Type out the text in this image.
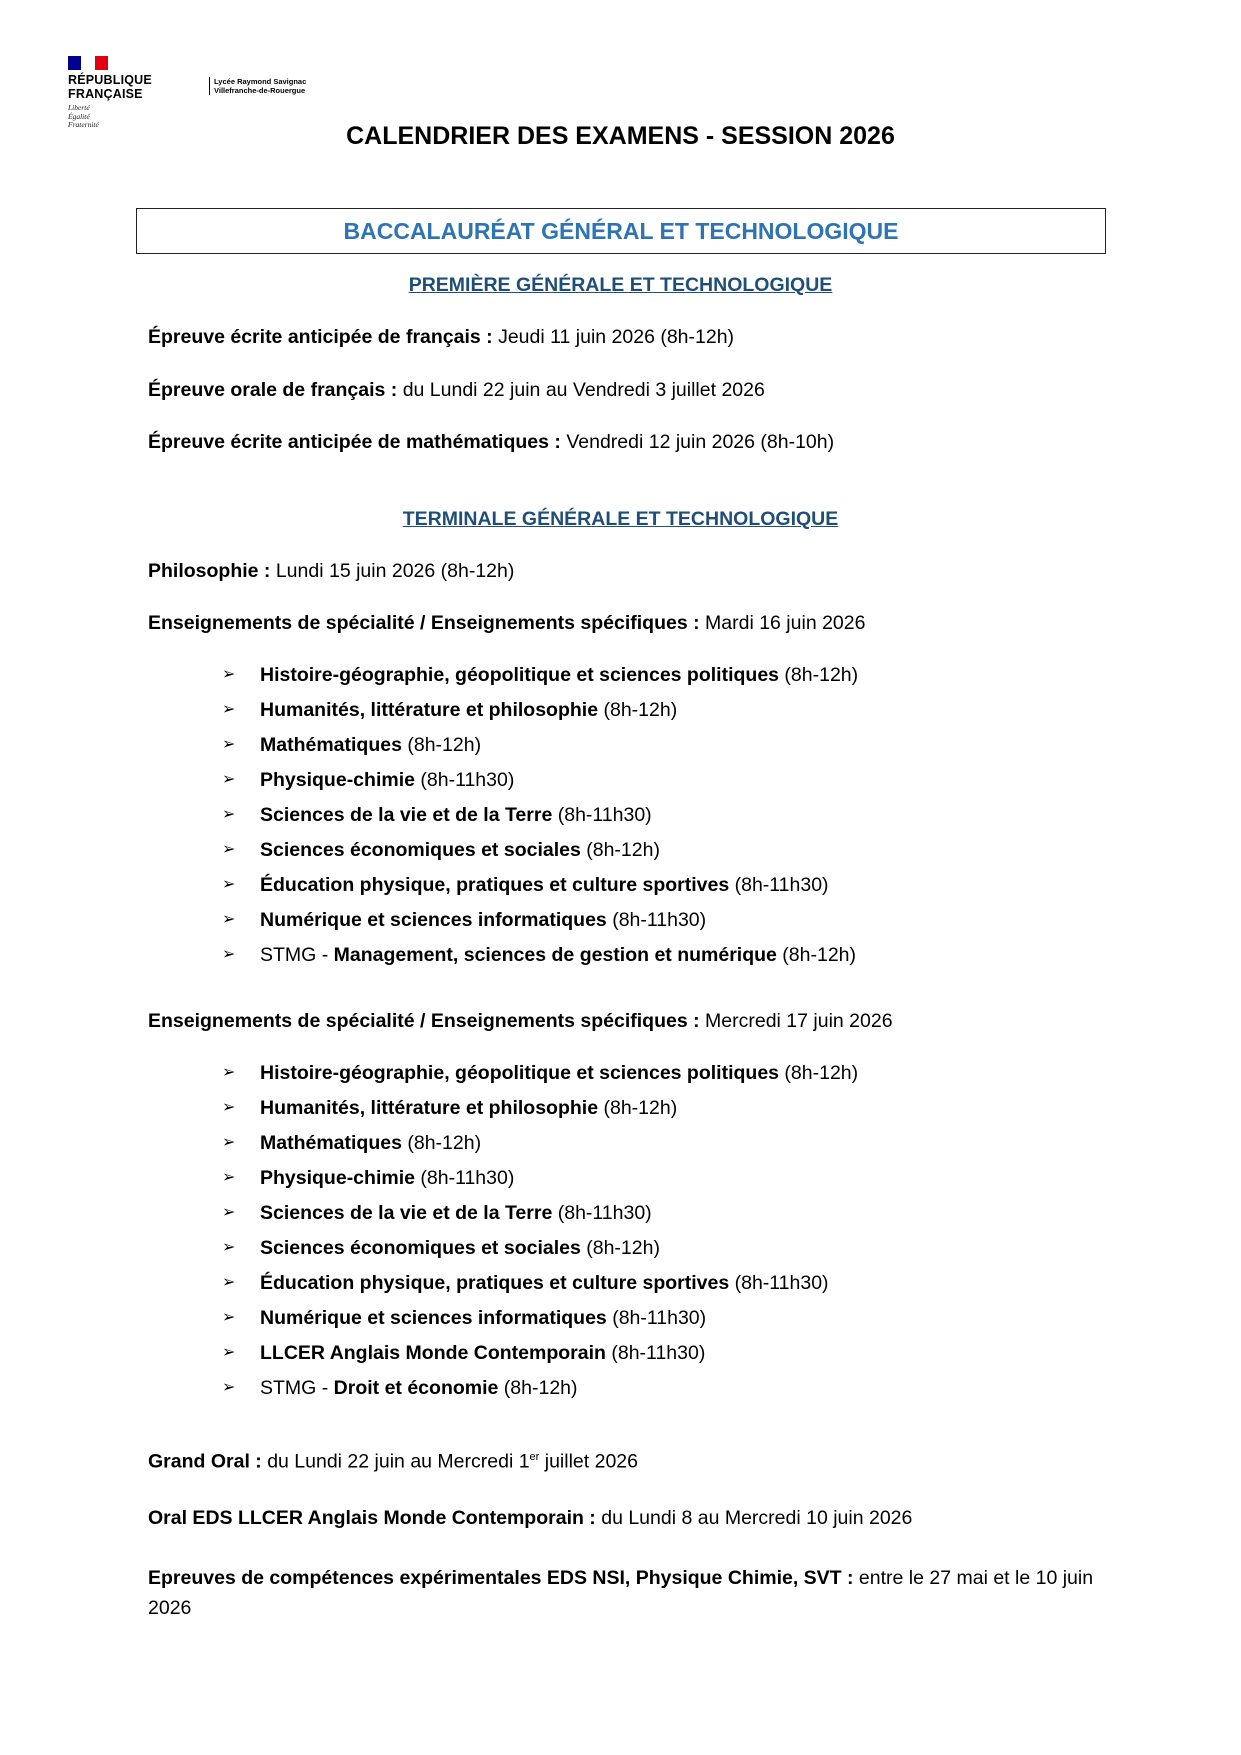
RÉPUBLIQUE
FRANÇAISE
Liberté
Égalité
Fraternité
Lycée Raymond Savignac
Villefranche-de-Rouergue
CALENDRIER DES EXAMENS - SESSION 2026
BACCALAURÉAT GÉNÉRAL ET TECHNOLOGIQUE
PREMIÈRE GÉNÉRALE ET TECHNOLOGIQUE
Épreuve écrite anticipée de français : Jeudi 11 juin 2026 (8h-12h)
Épreuve orale de français : du Lundi 22 juin au Vendredi 3 juillet 2026
Épreuve écrite anticipée de mathématiques : Vendredi 12 juin 2026 (8h-10h)
TERMINALE GÉNÉRALE ET TECHNOLOGIQUE
Philosophie : Lundi 15 juin 2026 (8h-12h)
Enseignements de spécialité / Enseignements spécifiques : Mardi 16 juin 2026
➢	Histoire-géographie, géopolitique et sciences politiques (8h-12h)
➢	Humanités, littérature et philosophie (8h-12h)
➢	Mathématiques (8h-12h)
➢	Physique-chimie (8h-11h30)
➢	Sciences de la vie et de la Terre (8h-11h30)
➢	Sciences économiques et sociales (8h-12h)
➢	Éducation physique, pratiques et culture sportives (8h-11h30)
➢	Numérique et sciences informatiques (8h-11h30)
➢	STMG - Management, sciences de gestion et numérique (8h-12h)
Enseignements de spécialité / Enseignements spécifiques : Mercredi 17 juin 2026
➢	Histoire-géographie, géopolitique et sciences politiques (8h-12h)
➢	Humanités, littérature et philosophie (8h-12h)
➢	Mathématiques (8h-12h)
➢	Physique-chimie (8h-11h30)
➢	Sciences de la vie et de la Terre (8h-11h30)
➢	Sciences économiques et sociales (8h-12h)
➢	Éducation physique, pratiques et culture sportives (8h-11h30)
➢	Numérique et sciences informatiques (8h-11h30)
➢	LLCER Anglais Monde Contemporain (8h-11h30)
➢	STMG - Droit et économie (8h-12h)
Grand Oral : du Lundi 22 juin au Mercredi 1er juillet 2026
Oral EDS LLCER Anglais Monde Contemporain : du Lundi 8 au Mercredi 10 juin 2026
Epreuves de compétences expérimentales EDS NSI, Physique Chimie, SVT : entre le 27 mai et le 10 juin 2026
